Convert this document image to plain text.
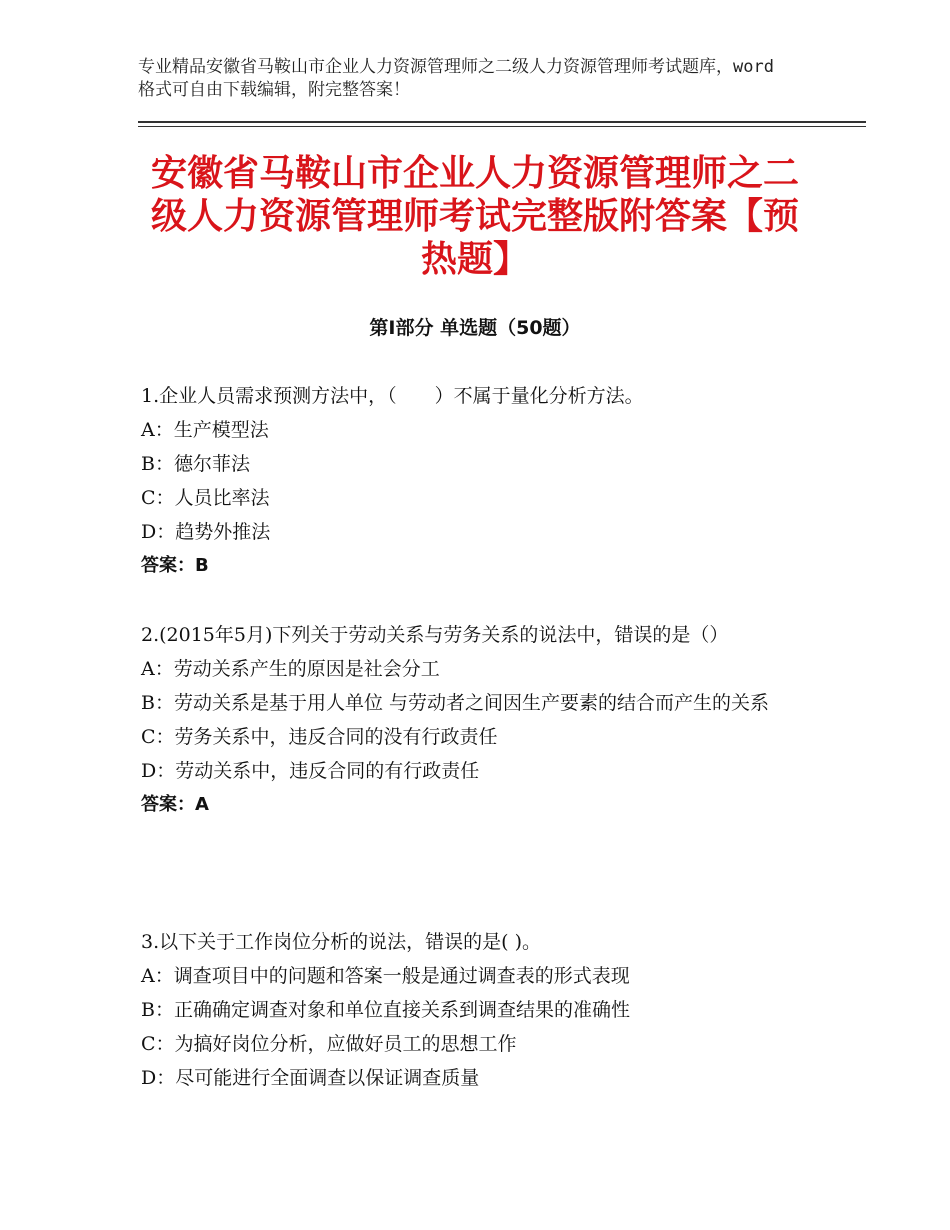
专业精品安徽省马鞍山市企业人力资源管理师之二级人力资源管理师考试题库，word格式可自由下载编辑，附完整答案！
安徽省马鞍山市企业人力资源管理师之二级人力资源管理师考试完整版附答案【预热题】
第Ⅰ部分 单选题（50题）
1.企业人员需求预测方法中，（　　）不属于量化分析方法。
A：生产模型法
B：德尔菲法
C：人员比率法
D：趋势外推法
答案：B
2.(2015年5月)下列关于劳动关系与劳务关系的说法中，错误的是（）
A：劳动关系产生的原因是社会分工
B：劳动关系是基于用人单位 与劳动者之间因生产要素的结合而产生的关系
C：劳务关系中，违反合同的没有行政责任
D：劳动关系中，违反合同的有行政责任
答案：A
3.以下关于工作岗位分析的说法，错误的是( )。
A：调查项目中的问题和答案一般是通过调查表的形式表现
B：正确确定调查对象和单位直接关系到调查结果的准确性
C：为搞好岗位分析，应做好员工的思想工作
D：尽可能进行全面调查以保证调查质量
